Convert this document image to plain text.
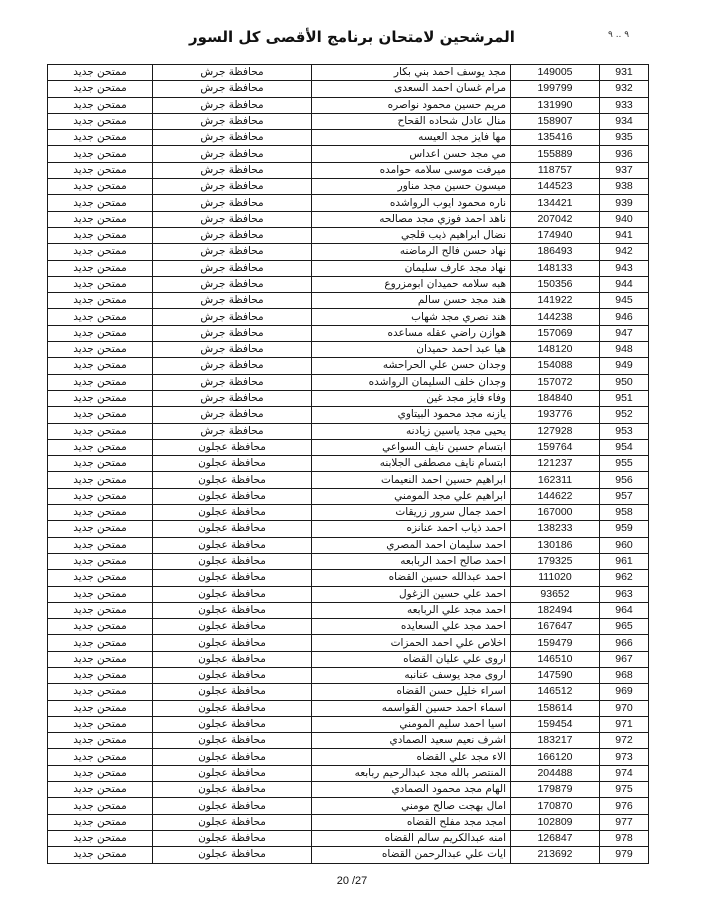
۹ .. ۹
المرشحين لامتحان برنامج الأقصى كل السور
931	149005	مجد يوسف احمد بني بكار	محافظة جرش	ممتحن جديد
932	199799	مرام غسان احمد السعدى	محافظة جرش	ممتحن جديد
933	131990	مريم حسين محمود نواصره	محافظة جرش	ممتحن جديد
934	158907	منال عادل شحاده القحاح	محافظة جرش	ممتحن جديد
935	135416	مها فايز مجد العيسه	محافظة جرش	ممتحن جديد
936	155889	مي مجد حسن اعداس	محافظة جرش	ممتحن جديد
937	118757	ميرفت موسى سلامه حوامده	محافظة جرش	ممتحن جديد
938	144523	ميسون حسين مجد مناور	محافظة جرش	ممتحن جديد
939	134421	ناره محمود ايوب الرواشده	محافظة جرش	ممتحن جديد
940	207042	ناهد احمد فوزي مجد مصالحه	محافظة جرش	ممتحن جديد
941	174940	نضال ابراهيم ذيب قلجي	محافظة جرش	ممتحن جديد
942	186493	نهاد حسن فالح الرماضنه	محافظة جرش	ممتحن جديد
943	148133	نهاد مجد عارف سليمان	محافظة جرش	ممتحن جديد
944	150356	هبه سلامه حميدان ابومزروع	محافظة جرش	ممتحن جديد
945	141922	هند مجد حسن سالم	محافظة جرش	ممتحن جديد
946	144238	هند نصري مجد شهاب	محافظة جرش	ممتحن جديد
947	157069	هوازن راضي عقله مساعده	محافظة جرش	ممتحن جديد
948	148120	هيا عبد احمد حميدان	محافظة جرش	ممتحن جديد
949	154088	وجدان حسن علي الحراحشه	محافظة جرش	ممتحن جديد
950	157072	وجدان خلف السليمان الرواشده	محافظة جرش	ممتحن جديد
951	184840	وفاء فايز مجد غين	محافظة جرش	ممتحن جديد
952	193776	يازنه مجد محمود البيتاوي	محافظة جرش	ممتحن جديد
953	127928	يحيى مجد ياسين زيادنه	محافظة جرش	ممتحن جديد
954	159764	ابتسام حسين نايف السواعي	محافظة عجلون	ممتحن جديد
955	121237	ابتسام نايف مصطفى الجلابنه	محافظة عجلون	ممتحن جديد
956	162311	ابراهيم حسين احمد النعيمات	محافظة عجلون	ممتحن جديد
957	144622	ابراهيم علي مجد المومني	محافظة عجلون	ممتحن جديد
958	167000	احمد جمال سرور زريقات	محافظة عجلون	ممتحن جديد
959	138233	احمد ذياب احمد عنانزه	محافظة عجلون	ممتحن جديد
960	130186	احمد سليمان احمد المصري	محافظة عجلون	ممتحن جديد
961	179325	احمد صالح احمد الربابعه	محافظة عجلون	ممتحن جديد
962	111020	احمد عبدالله حسين القضاه	محافظة عجلون	ممتحن جديد
963	93652	احمد علي حسين الزغول	محافظة عجلون	ممتحن جديد
964	182494	احمد مجد علي الربابعه	محافظة عجلون	ممتحن جديد
965	167647	احمد مجد علي السعايده	محافظة عجلون	ممتحن جديد
966	159479	اخلاص علي احمد الحمزات	محافظة عجلون	ممتحن جديد
967	146510	اروى علي عليان القضاه	محافظة عجلون	ممتحن جديد
968	147590	اروى مجد يوسف عنانبه	محافظة عجلون	ممتحن جديد
969	146512	اسراء خليل حسن القضاه	محافظة عجلون	ممتحن جديد
970	158614	اسماء احمد حسين القواسمه	محافظة عجلون	ممتحن جديد
971	159454	اسيا احمد سليم المومني	محافظة عجلون	ممتحن جديد
972	183217	اشرف نعيم سعيد الصمادي	محافظة عجلون	ممتحن جديد
973	166120	الاء مجد علي القضاه	محافظة عجلون	ممتحن جديد
974	204488	المنتصر بالله مجد عبدالرحيم ربابعه	محافظة عجلون	ممتحن جديد
975	179879	الهام مجد محمود الصمادي	محافظة عجلون	ممتحن جديد
976	170870	امال بهجت صالح مومني	محافظة عجلون	ممتحن جديد
977	102809	امجد مجد مفلح القضاه	محافظة عجلون	ممتحن جديد
978	126847	امنه عبدالكريم سالم القضاه	محافظة عجلون	ممتحن جديد
979	213692	ايات علي عبدالرحمن القضاه	محافظة عجلون	ممتحن جديد
20 /27
